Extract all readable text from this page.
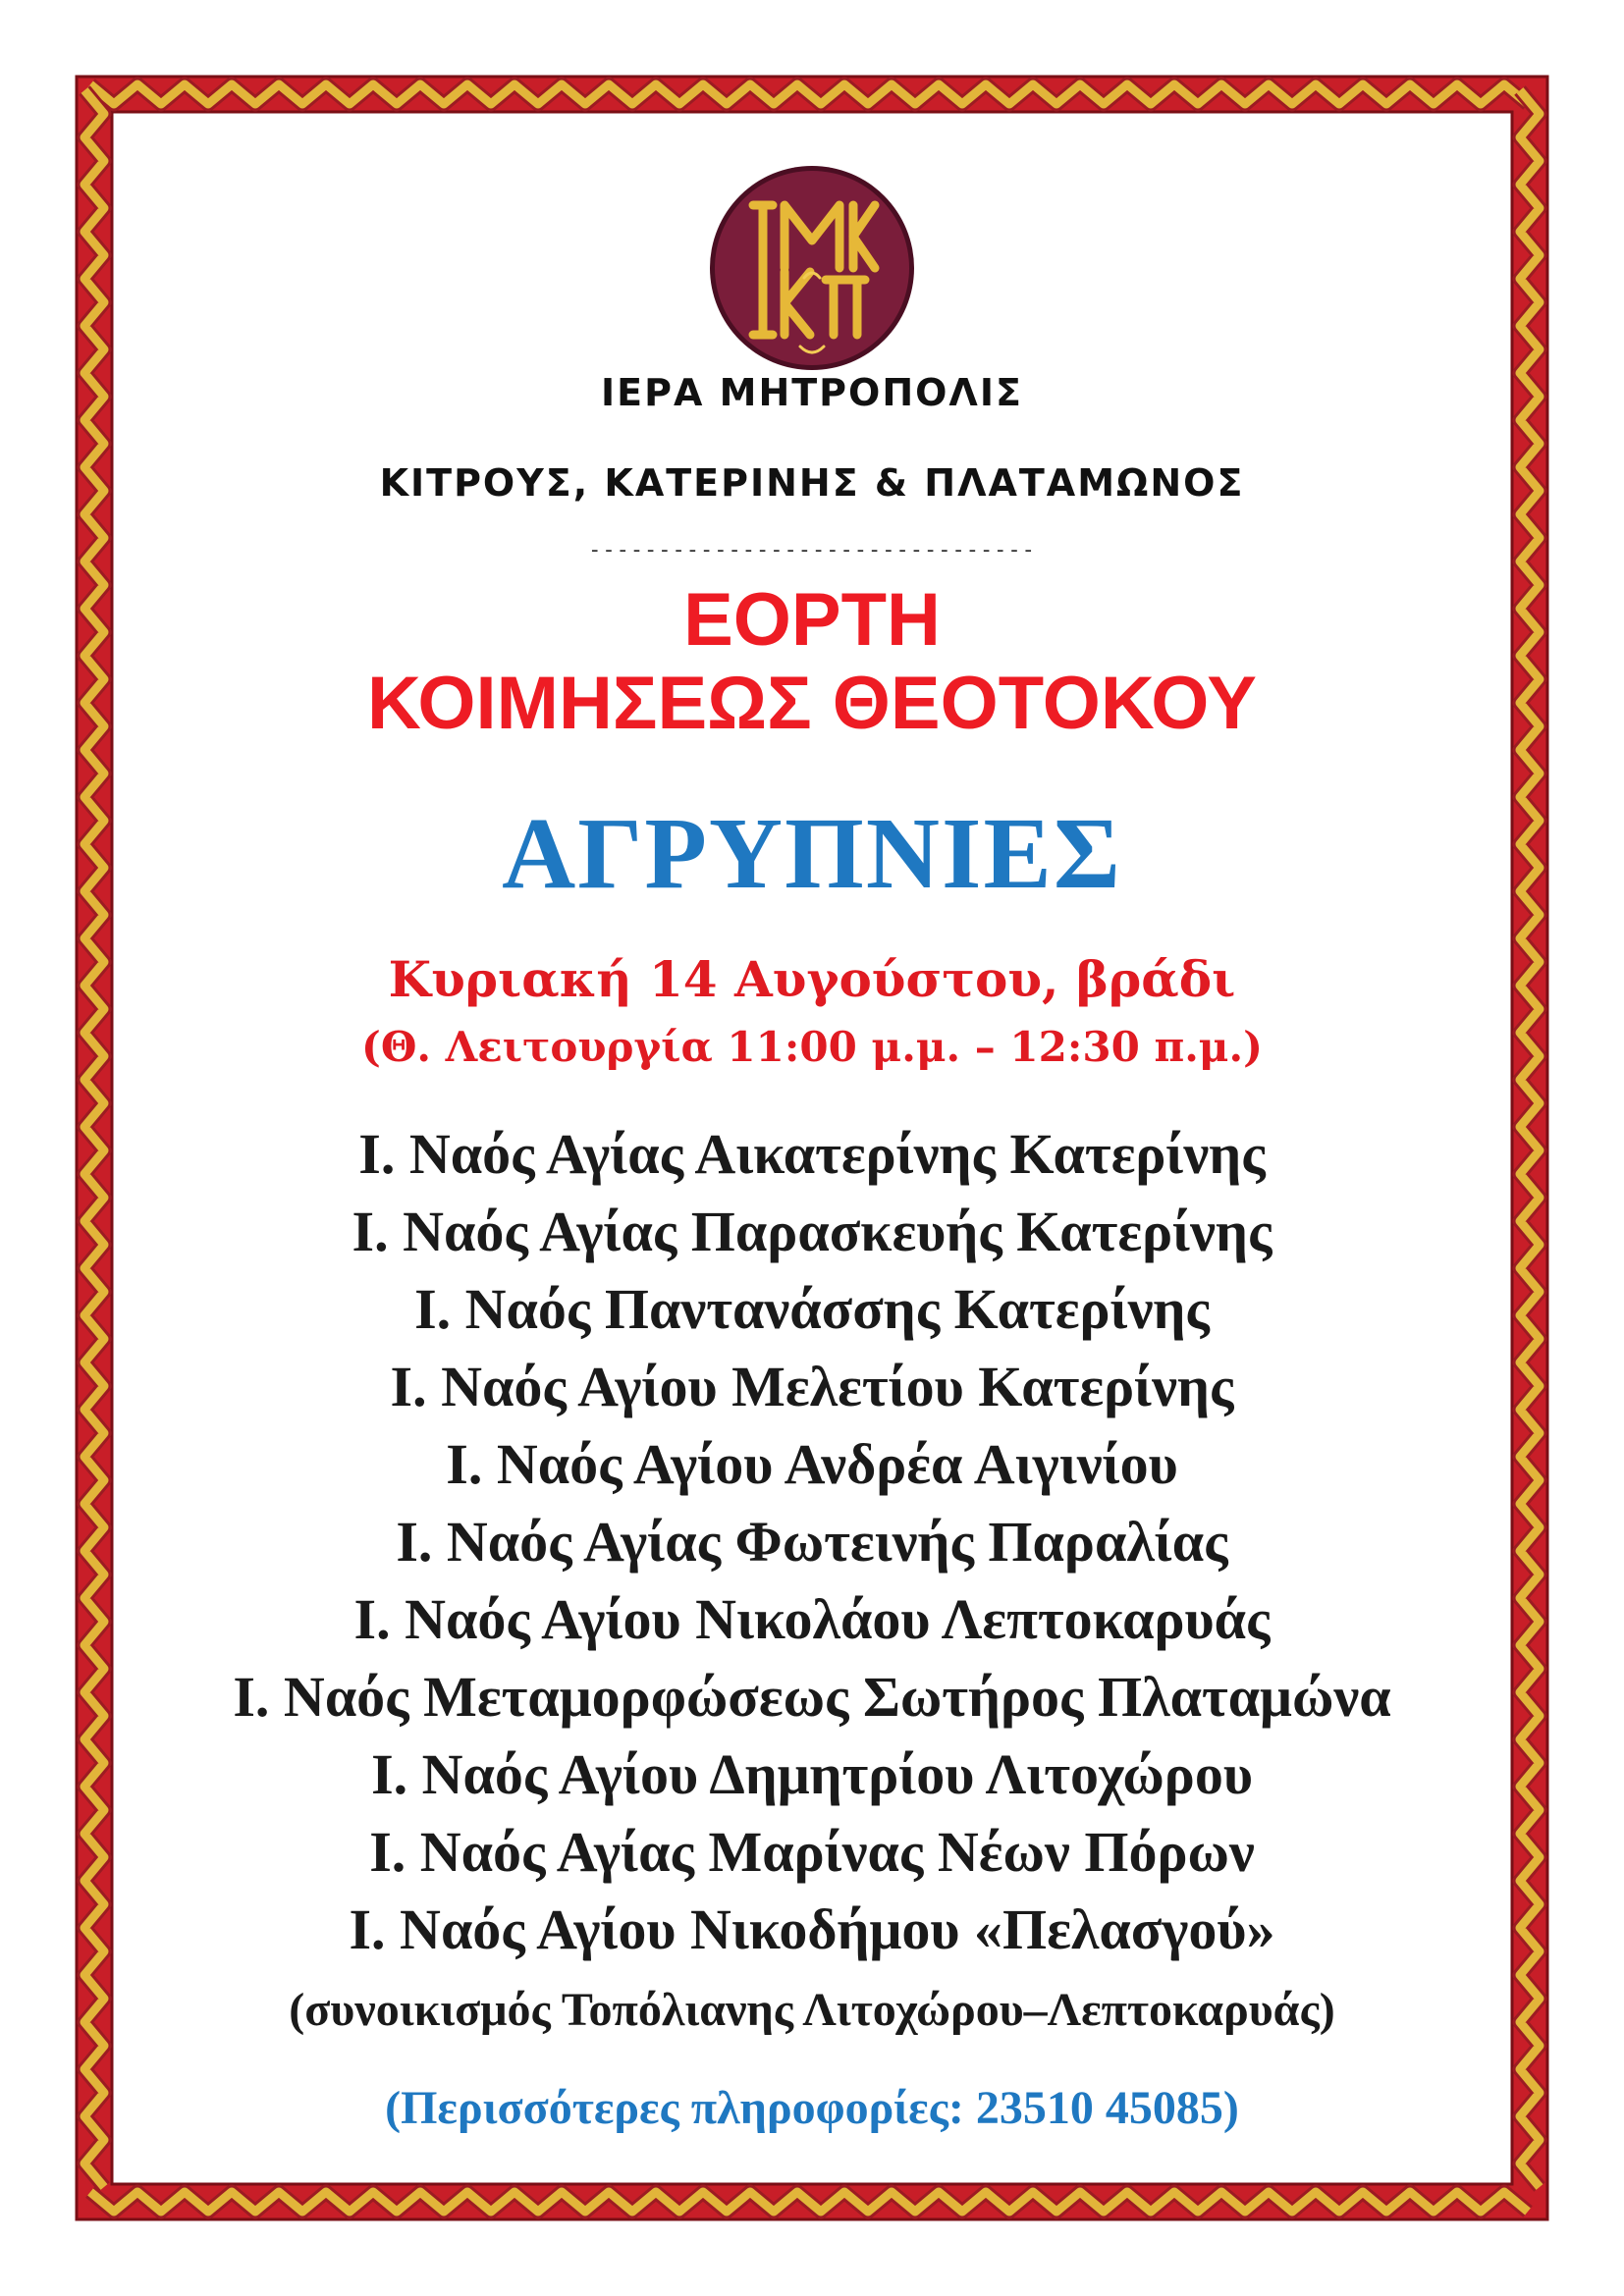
ΙΕΡΑ ΜΗΤΡΟΠΟΛΙΣ
ΚΙΤΡΟΥΣ, ΚΑΤΕΡΙΝΗΣ & ΠΛΑΤΑΜΩΝΟΣ
--------------------------------
ΕΟΡΤΗ
ΚΟΙΜΗΣΕΩΣ ΘΕΟΤΟΚΟΥ
ΑΓΡΥΠΝΙΕΣ
Κυριακή 14 Αυγούστου, βράδι
(Θ. Λειτουργία 11:00 μ.μ. – 12:30 π.μ.)
Ι. Ναός Αγίας Αικατερίνης Κατερίνης
Ι. Ναός Αγίας Παρασκευής Κατερίνης
Ι. Ναός Παντανάσσης Κατερίνης
Ι. Ναός Αγίου Μελετίου Κατερίνης
Ι. Ναός Αγίου Ανδρέα Αιγινίου
Ι. Ναός Αγίας Φωτεινής Παραλίας
Ι. Ναός Αγίου Νικολάου Λεπτοκαρυάς
Ι. Ναός Μεταμορφώσεως Σωτήρος Πλαταμώνα
Ι. Ναός Αγίου Δημητρίου Λιτοχώρου
Ι. Ναός Αγίας Μαρίνας Νέων Πόρων
Ι. Ναός Αγίου Νικοδήμου «Πελασγού»
(συνοικισμός Τοπόλιανης Λιτοχώρου–Λεπτοκαρυάς)
(Περισσότερες πληροφορίες: 23510 45085)
